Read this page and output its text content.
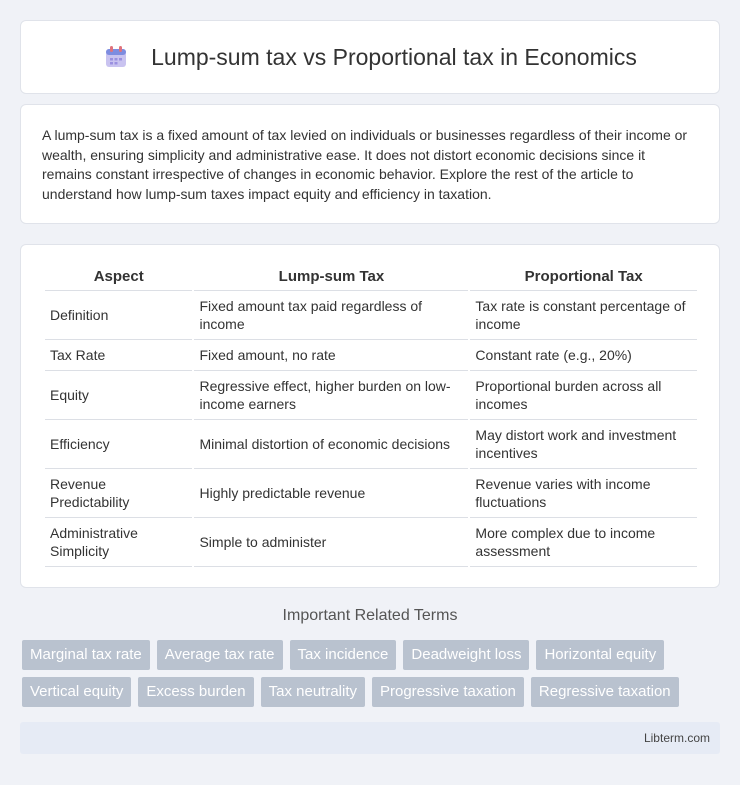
Lump-sum tax vs Proportional tax in Economics

A lump-sum tax is a fixed amount of tax levied on individuals or businesses regardless of their income or wealth, ensuring simplicity and administrative ease. It does not distort economic decisions since it remains constant irrespective of changes in economic behavior. Explore the rest of the article to understand how lump-sum taxes impact equity and efficiency in taxation.

Aspect	Lump-sum Tax	Proportional Tax
Definition	Fixed amount tax paid regardless of income	Tax rate is constant percentage of income
Tax Rate	Fixed amount, no rate	Constant rate (e.g., 20%)
Equity	Regressive effect, higher burden on low-income earners	Proportional burden across all incomes
Efficiency	Minimal distortion of economic decisions	May distort work and investment incentives
Revenue Predictability	Highly predictable revenue	Revenue varies with income fluctuations
Administrative Simplicity	Simple to administer	More complex due to income assessment
Important Related Terms
Marginal tax rate	Average tax rate	Tax incidence	Deadweight loss	Horizontal equity
Vertical equity	Excess burden	Tax neutrality	Progressive taxation	Regressive taxation
Libterm.com
